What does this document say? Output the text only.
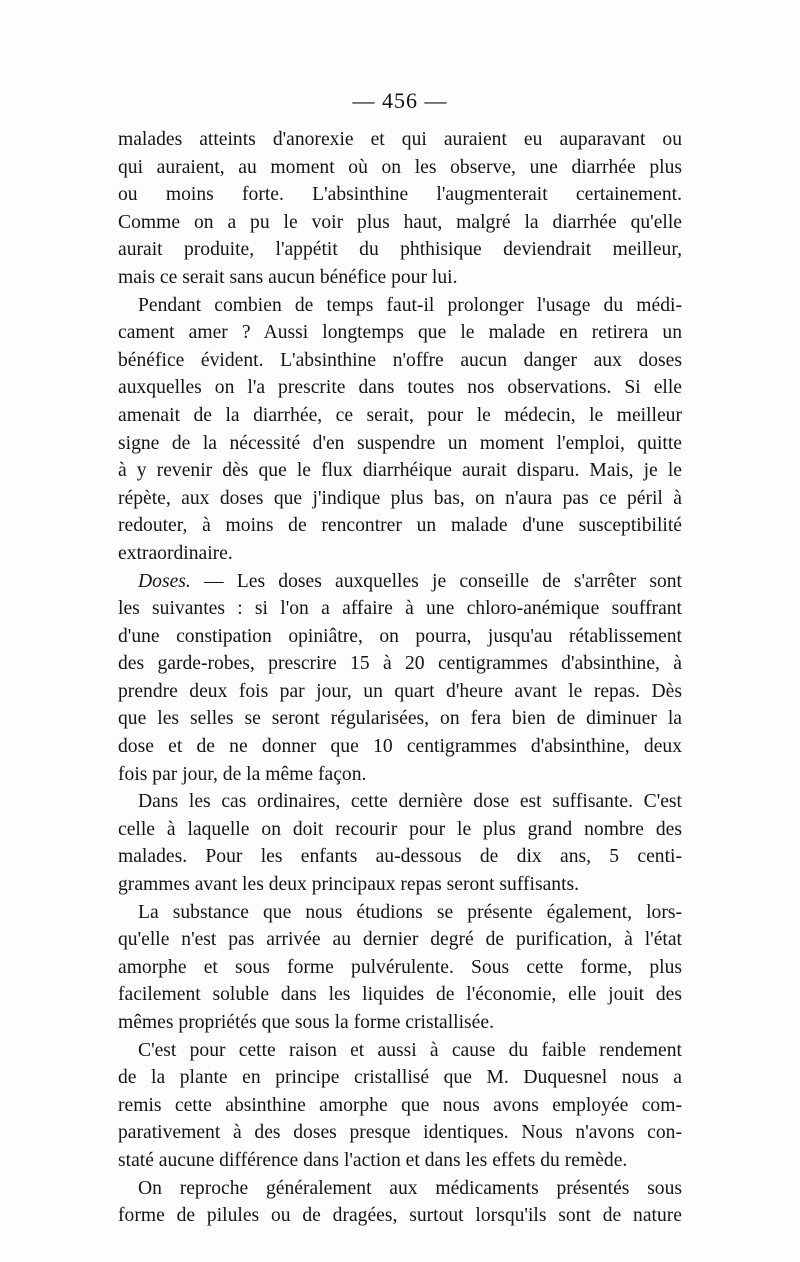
— 456 —
malades atteints d'anorexie et qui auraient eu auparavant ou
qui auraient, au moment où on les observe, une diarrhée plus
ou moins forte. L'absinthine l'augmenterait certainement.
Comme on a pu le voir plus haut, malgré la diarrhée qu'elle
aurait produite, l'appétit du phthisique deviendrait meilleur,
mais ce serait sans aucun bénéfice pour lui.
Pendant combien de temps faut-il prolonger l'usage du médi-
cament amer ? Aussi longtemps que le malade en retirera un
bénéfice évident. L'absinthine n'offre aucun danger aux doses
auxquelles on l'a prescrite dans toutes nos observations. Si elle
amenait de la diarrhée, ce serait, pour le médecin, le meilleur
signe de la nécessité d'en suspendre un moment l'emploi, quitte
à y revenir dès que le flux diarrhéique aurait disparu. Mais, je le
répète, aux doses que j'indique plus bas, on n'aura pas ce péril à
redouter, à moins de rencontrer un malade d'une susceptibilité
extraordinaire.
Doses. — Les doses auxquelles je conseille de s'arrêter sont
les suivantes : si l'on a affaire à une chloro-anémique souffrant
d'une constipation opiniâtre, on pourra, jusqu'au rétablissement
des garde-robes, prescrire 15 à 20 centigrammes d'absinthine, à
prendre deux fois par jour, un quart d'heure avant le repas. Dès
que les selles se seront régularisées, on fera bien de diminuer la
dose et de ne donner que 10 centigrammes d'absinthine, deux
fois par jour, de la même façon.
Dans les cas ordinaires, cette dernière dose est suffisante. C'est
celle à laquelle on doit recourir pour le plus grand nombre des
malades. Pour les enfants au-dessous de dix ans, 5 centi-
grammes avant les deux principaux repas seront suffisants.
La substance que nous étudions se présente également, lors-
qu'elle n'est pas arrivée au dernier degré de purification, à l'état
amorphe et sous forme pulvérulente. Sous cette forme, plus
facilement soluble dans les liquides de l'économie, elle jouit des
mêmes propriétés que sous la forme cristallisée.
C'est pour cette raison et aussi à cause du faible rendement
de la plante en principe cristallisé que M. Duquesnel nous a
remis cette absinthine amorphe que nous avons employée com-
parativement à des doses presque identiques. Nous n'avons con-
staté aucune différence dans l'action et dans les effets du remède.
On reproche généralement aux médicaments présentés sous
forme de pilules ou de dragées, surtout lorsqu'ils sont de nature
